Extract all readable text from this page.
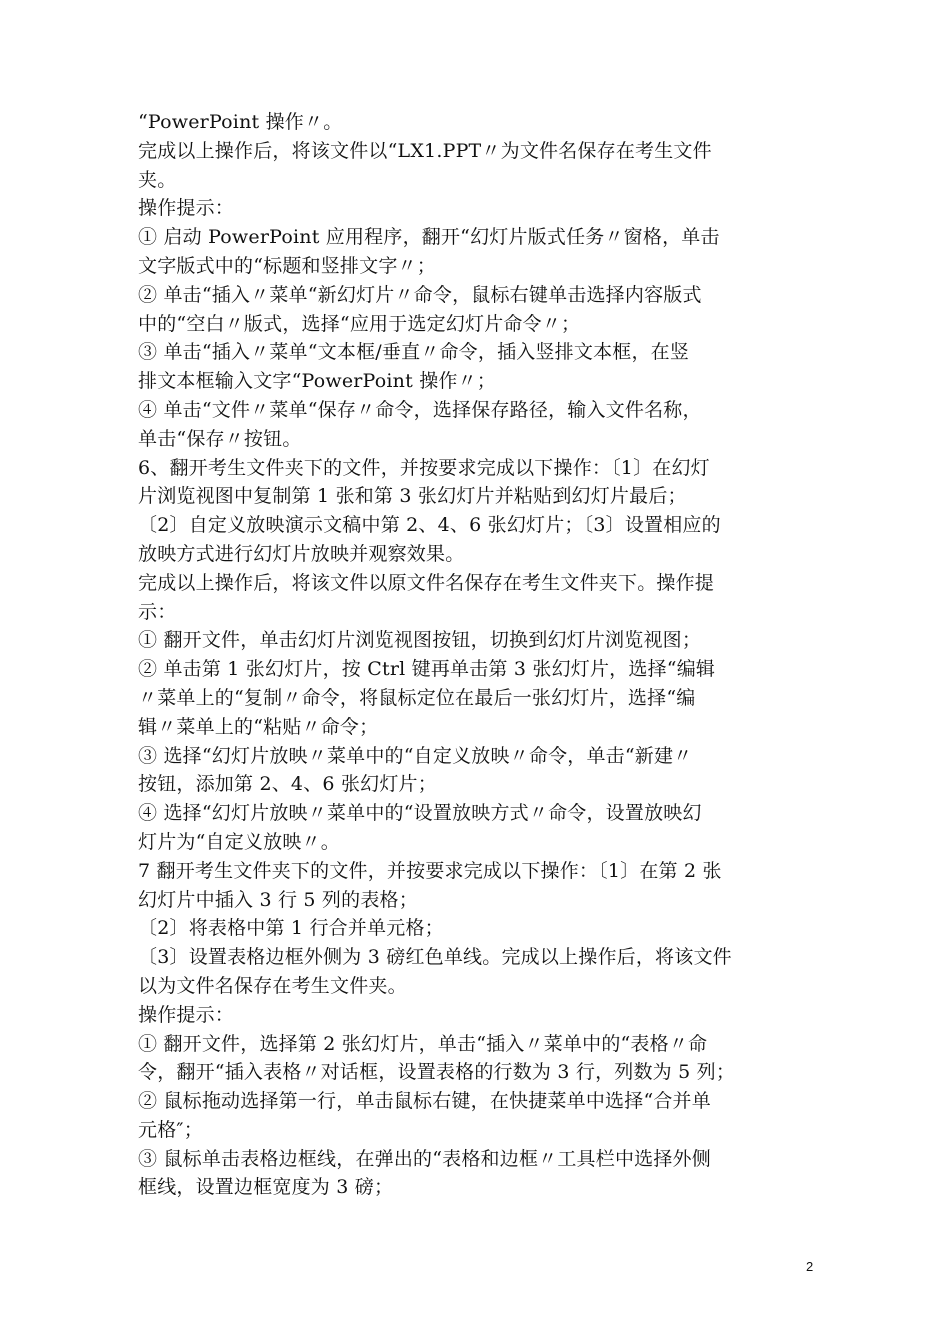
“PowerPoint 操作〃。
完成以上操作后，将该文件以“LX1.PPT〃为文件名保存在考生文件
夹。
操作提示：
① 启动 PowerPoint 应用程序，翻开“幻灯片版式任务〃窗格，单击
文字版式中的“标题和竖排文字〃；
② 单击“插入〃菜单“新幻灯片〃命令，鼠标右键单击选择内容版式
中的“空白〃版式，选择“应用于选定幻灯片命令〃；
③ 单击“插入〃菜单“文本框/垂直〃命令，插入竖排文本框，在竖
排文本框输入文字“PowerPoint 操作〃；
④ 单击“文件〃菜单“保存〃命令，选择保存路径，输入文件名称，
单击“保存〃按钮。
6、翻开考生文件夹下的文件，并按要求完成以下操作：〔1〕在幻灯
片浏览视图中复制第 1 张和第 3 张幻灯片并粘贴到幻灯片最后；
〔2〕自定义放映演示文稿中第 2、4、6 张幻灯片；〔3〕设置相应的
放映方式进行幻灯片放映并观察效果。
完成以上操作后，将该文件以原文件名保存在考生文件夹下。操作提
示：
① 翻开文件，单击幻灯片浏览视图按钮，切换到幻灯片浏览视图；
② 单击第 1 张幻灯片，按 Ctrl 键再单击第 3 张幻灯片，选择“编辑
〃菜单上的“复制〃命令，将鼠标定位在最后一张幻灯片，选择“编
辑〃菜单上的“粘贴〃命令；
③ 选择“幻灯片放映〃菜单中的“自定义放映〃命令，单击“新建〃
按钮，添加第 2、4、6 张幻灯片；
④ 选择“幻灯片放映〃菜单中的“设置放映方式〃命令，设置放映幻
灯片为“自定义放映〃。
7 翻开考生文件夹下的文件，并按要求完成以下操作：〔1〕在第 2 张
幻灯片中插入 3 行 5 列的表格；
〔2〕将表格中第 1 行合并单元格；
〔3〕设置表格边框外侧为 3 磅红色单线。完成以上操作后，将该文件
以为文件名保存在考生文件夹。
操作提示：
① 翻开文件，选择第 2 张幻灯片，单击“插入〃菜单中的“表格〃命
令，翻开“插入表格〃对话框，设置表格的行数为 3 行，列数为 5 列；
② 鼠标拖动选择第一行，单击鼠标右键，在快捷菜单中选择“合并单
元格″；
③ 鼠标单击表格边框线，在弹出的“表格和边框〃工具栏中选择外侧
框线，设置边框宽度为 3 磅；
2
